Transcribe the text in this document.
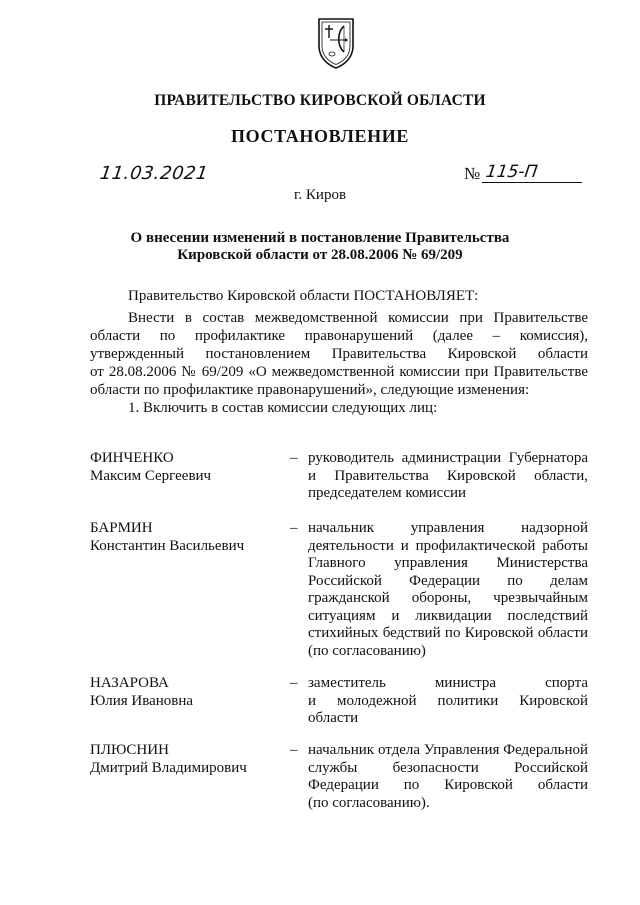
ПРАВИТЕЛЬСТВО КИРОВСКОЙ ОБЛАСТИ
ПОСТАНОВЛЕНИЕ
11.03.2021	№ 115-П
г. Киров
О внесении изменений в постановление Правительства
Кировской области от 28.08.2006 № 69/209
Правительство Кировской области ПОСТАНОВЛЯЕТ:
Внести в состав межведомственной комиссии при Правительстве
области по профилактике правонарушений (далее – комиссия),
утвержденный постановлением Правительства Кировской области
от 28.08.2006 № 69/209 «О межведомственной комиссии при Правительстве
области по профилактике правонарушений», следующие изменения:
1. Включить в состав комиссии следующих лиц:
ФИНЧЕНКО
Максим Сергеевич
– руководитель администрации Губернатора
и Правительства Кировской области,
председателем комиссии
БАРМИН
Константин Васильевич
– начальник управления надзорной
деятельности и профилактической работы
Главного управления Министерства
Российской Федерации по делам
гражданской обороны, чрезвычайным
ситуациям и ликвидации последствий
стихийных бедствий по Кировской области
(по согласованию)
НАЗАРОВА
Юлия Ивановна
– заместитель министра спорта
и молодежной политики Кировской
области
ПЛЮСНИН
Дмитрий Владимирович
– начальник отдела Управления Федеральной
службы безопасности Российской
Федерации по Кировской области
(по согласованию).
